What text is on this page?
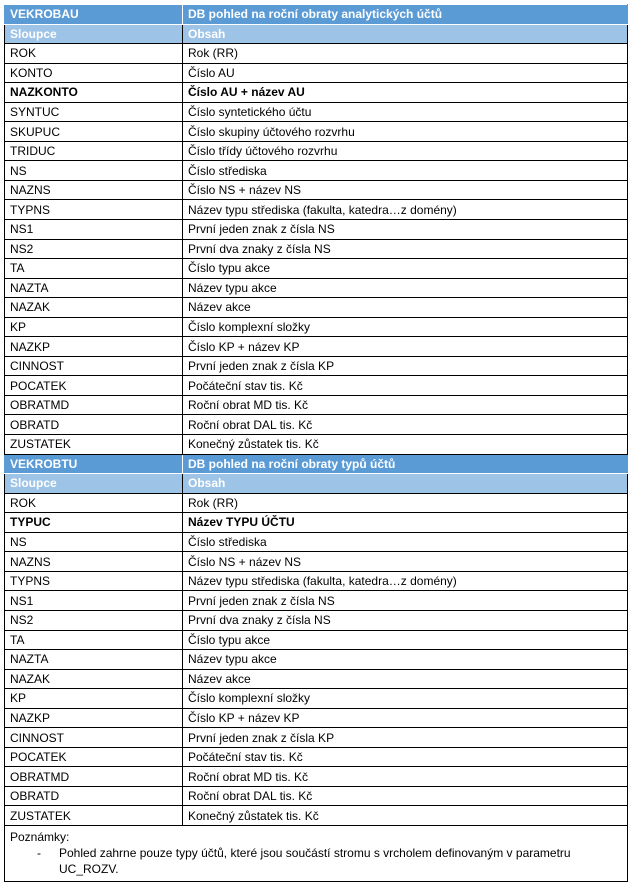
VEKROBAU	DB pohled na roční obraty analytických účtů
Sloupce	Obsah
ROK	Rok (RR)
KONTO	Číslo AU
NAZKONTO	Číslo AU + název AU
SYNTUC	Číslo syntetického účtu
SKUPUC	Číslo skupiny účtového rozvrhu
TRIDUC	Číslo třídy účtového rozvrhu
NS	Číslo střediska
NAZNS	Číslo NS + název NS
TYPNS	Název typu střediska (fakulta, katedra…z domény)
NS1	První jeden znak z čísla NS
NS2	První dva znaky z čísla NS
TA	Číslo typu akce
NAZTA	Název typu akce
NAZAK	Název akce
KP	Číslo komplexní složky
NAZKP	Číslo KP + název KP
CINNOST	První jeden znak z čísla KP
POCATEK	Počáteční stav tis. Kč
OBRATMD	Roční obrat MD tis. Kč
OBRATD	Roční obrat DAL tis. Kč
ZUSTATEK	Konečný zůstatek tis. Kč
VEKROBTU	DB pohled na roční obraty typů účtů
Sloupce	Obsah
ROK	Rok (RR)
TYPUC	Název TYPU ÚČTU
NS	Číslo střediska
NAZNS	Číslo NS + název NS
TYPNS	Název typu střediska (fakulta, katedra…z domény)
NS1	První jeden znak z čísla NS
NS2	První dva znaky z čísla NS
TA	Číslo typu akce
NAZTA	Název typu akce
NAZAK	Název akce
KP	Číslo komplexní složky
NAZKP	Číslo KP + název KP
CINNOST	První jeden znak z čísla KP
POCATEK	Počáteční stav tis. Kč
OBRATMD	Roční obrat MD tis. Kč
OBRATD	Roční obrat DAL tis. Kč
ZUSTATEK	Konečný zůstatek tis. Kč

Poznámky:
- Pohled zahrne pouze typy účtů, které jsou součástí stromu s vrcholem definovaným v parametru UC_ROZV.	
